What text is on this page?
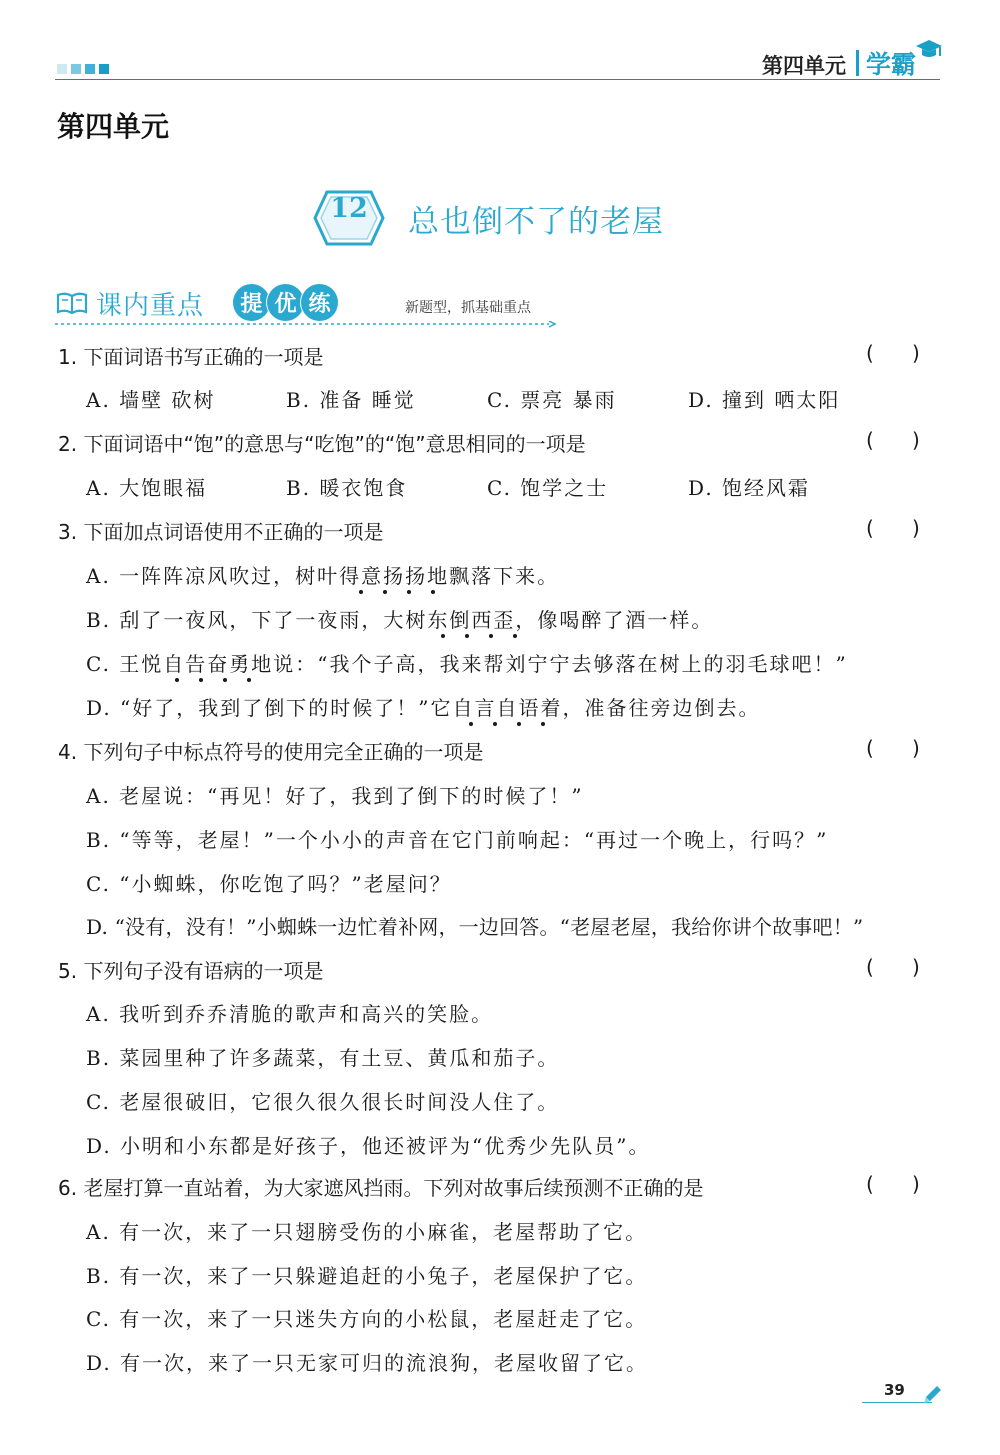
第四单元 学霸
第四单元
12	总也倒不了的老屋
课内重点	提 优 练	新题型，抓基础重点
1. 下面词语书写正确的一项是	(      )
A. 墙壁 砍树	B. 准备 睡觉	C. 票亮 暴雨	D. 撞到 哂太阳
2. 下面词语中“饱”的意思与“吃饱”的“饱”意思相同的一项是	(      )
A. 大饱眼福	B. 暖衣饱食	C. 饱学之士	D. 饱经风霜
3. 下面加点词语使用不正确的一项是	(      )
A. 一阵阵凉风吹过，树叶得意扬扬地飘落下来。
B. 刮了一夜风，下了一夜雨，大树东倒西歪，像喝醉了酒一样。
C. 王悦自告奋勇地说：“我个子高，我来帮刘宁宁去够落在树上的羽毛球吧！”
D. “好了，我到了倒下的时候了！”它自言自语着，准备往旁边倒去。
4. 下列句子中标点符号的使用完全正确的一项是	(      )
A. 老屋说：“再见！好了，我到了倒下的时候了！”
B. “等等，老屋！”一个小小的声音在它门前响起：“再过一个晚上，行吗？”
C. “小蜘蛛，你吃饱了吗？”老屋问？
D. “没有，没有！”小蜘蛛一边忙着补网，一边回答。“老屋老屋，我给你讲个故事吧！”
5. 下列句子没有语病的一项是	(      )
A. 我听到乔乔清脆的歌声和高兴的笑脸。
B. 菜园里种了许多蔬菜，有土豆、黄瓜和茄子。
C. 老屋很破旧，它很久很久很长时间没人住了。
D. 小明和小东都是好孩子，他还被评为“优秀少先队员”。
6. 老屋打算一直站着，为大家遮风挡雨。下列对故事后续预测不正确的是	(      )
A. 有一次，来了一只翅膀受伤的小麻雀，老屋帮助了它。
B. 有一次，来了一只躲避追赶的小兔子，老屋保护了它。
C. 有一次，来了一只迷失方向的小松鼠，老屋赶走了它。
D. 有一次，来了一只无家可归的流浪狗，老屋收留了它。
39
